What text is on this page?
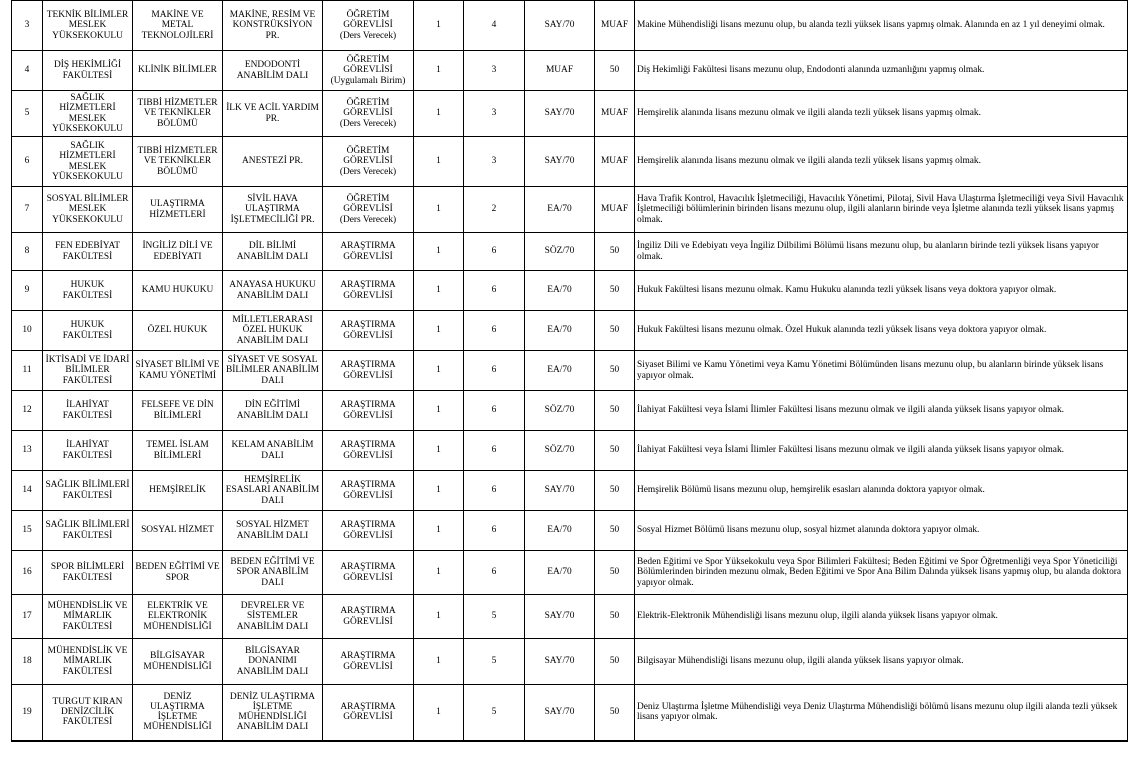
3	TEKNİK BİLİMLER MESLEK YÜKSEKOKULU	MAKİNE VE METAL TEKNOLOJİLERİ	MAKİNE, RESİM VE KONSTRÜKSİYON PR.	ÖĞRETİM GÖREVLİSİ
(Ders Verecek)	1	4	SAY/70	MUAF	Makine Mühendisliği lisans mezunu olup, bu alanda tezli yüksek lisans yapmış olmak. Alanında en az 1 yıl deneyimi olmak.
4	DİŞ HEKİMLİĞİ FAKÜLTESİ	KLİNİK BİLİMLER	ENDODONTİ ANABİLİM DALI	ÖĞRETİM GÖREVLİSİ
(Uygulamalı Birim)	1	3	MUAF	50	Diş Hekimliği Fakültesi lisans mezunu olup, Endodonti alanında uzmanlığını yapmış olmak.
5	SAĞLIK HİZMETLERİ MESLEK YÜKSEKOKULU	TIBBİ HİZMETLER VE TEKNİKLER BÖLÜMÜ	İLK VE ACİL YARDIM PR.	ÖĞRETİM GÖREVLİSİ
(Ders Verecek)	1	3	SAY/70	MUAF	Hemşirelik alanında lisans mezunu olmak ve ilgili alanda tezli yüksek lisans yapmış olmak.
6	SAĞLIK HİZMETLERİ MESLEK YÜKSEKOKULU	TIBBİ HİZMETLER VE TEKNİKLER BÖLÜMÜ	ANESTEZİ PR.	ÖĞRETİM GÖREVLİSİ
(Ders Verecek)	1	3	SAY/70	MUAF	Hemşirelik alanında lisans mezunu olmak ve ilgili alanda tezli yüksek lisans yapmış olmak.
7	SOSYAL BİLİMLER MESLEK YÜKSEKOKULU	ULAŞTIRMA HİZMETLERİ	SİVİL HAVA ULAŞTIRMA İŞLETMECİLİĞİ PR.	ÖĞRETİM GÖREVLİSİ
(Ders Verecek)	1	2	EA/70	MUAF	Hava Trafik Kontrol, Havacılık İşletmeciliği, Havacılık Yönetimi, Pilotaj, Sivil Hava Ulaştırma İşletmeciliği veya Sivil Havacılık İşletmeciliği bölümlerinin birinden lisans mezunu olup, ilgili alanların birinde veya İşletme alanında tezli yüksek lisans yapmış olmak.
8	FEN EDEBİYAT FAKÜLTESİ	İNGİLİZ DİLİ VE EDEBİYATI	DİL BİLİMİ ANABİLİM DALI	ARAŞTIRMA GÖREVLİSİ	1	6	SÖZ/70	50	İngiliz Dili ve Edebiyatı veya İngiliz Dilbilimi Bölümü lisans mezunu olup, bu alanların birinde tezli yüksek lisans yapıyor olmak.
9	HUKUK FAKÜLTESİ	KAMU HUKUKU	ANAYASA HUKUKU ANABİLİM DALI	ARAŞTIRMA GÖREVLİSİ	1	6	EA/70	50	Hukuk Fakültesi lisans mezunu olmak. Kamu Hukuku alanında tezli yüksek lisans veya doktora yapıyor olmak.
10	HUKUK FAKÜLTESİ	ÖZEL HUKUK	MİLLETLERARASI ÖZEL HUKUK ANABİLİM DALI	ARAŞTIRMA GÖREVLİSİ	1	6	EA/70	50	Hukuk Fakültesi lisans mezunu olmak. Özel Hukuk alanında tezli yüksek lisans veya doktora yapıyor olmak.
11	İKTİSADİ VE İDARİ BİLİMLER FAKÜLTESİ	SİYASET BİLİMİ VE KAMU YÖNETİMİ	SİYASET VE SOSYAL BİLİMLER ANABİLİM DALI	ARAŞTIRMA GÖREVLİSİ	1	6	EA/70	50	Siyaset Bilimi ve Kamu Yönetimi veya Kamu Yönetimi Bölümünden lisans mezunu olup, bu alanların birinde yüksek lisans yapıyor olmak.
12	İLAHİYAT FAKÜLTESİ	FELSEFE VE DİN BİLİMLERİ	DİN EĞİTİMİ ANABİLİM DALI	ARAŞTIRMA GÖREVLİSİ	1	6	SÖZ/70	50	İlahiyat Fakültesi veya İslami İlimler Fakültesi lisans mezunu olmak ve ilgili alanda yüksek lisans yapıyor olmak.
13	İLAHİYAT FAKÜLTESİ	TEMEL İSLAM BİLİMLERİ	KELAM ANABİLİM DALI	ARAŞTIRMA GÖREVLİSİ	1	6	SÖZ/70	50	İlahiyat Fakültesi veya İslami İlimler Fakültesi lisans mezunu olmak ve ilgili alanda yüksek lisans yapıyor olmak.
14	SAĞLIK BİLİMLERİ FAKÜLTESİ	HEMŞİRELİK	HEMŞİRELİK ESASLARI ANABİLİM DALI	ARAŞTIRMA GÖREVLİSİ	1	6	SAY/70	50	Hemşirelik Bölümü lisans mezunu olup, hemşirelik esasları alanında doktora yapıyor olmak.
15	SAĞLIK BİLİMLERİ FAKÜLTESİ	SOSYAL HİZMET	SOSYAL HİZMET ANABİLİM DALI	ARAŞTIRMA GÖREVLİSİ	1	6	EA/70	50	Sosyal Hizmet Bölümü lisans mezunu olup, sosyal hizmet alanında doktora yapıyor olmak.
16	SPOR BİLİMLERİ FAKÜLTESİ	BEDEN EĞİTİMİ VE SPOR	BEDEN EĞİTİMİ VE SPOR ANABİLİM DALI	ARAŞTIRMA GÖREVLİSİ	1	6	EA/70	50	Beden Eğitimi ve Spor Yüksekokulu veya Spor Bilimleri Fakültesi; Beden Eğitimi ve Spor Öğretmenliği veya Spor Yöneticiliği Bölümlerinden birinden mezunu olmak, Beden Eğitimi ve Spor Ana Bilim Dalında yüksek lisans yapmış olup, bu alanda doktora yapıyor olmak.
17	MÜHENDİSLİK VE MİMARLIK FAKÜLTESİ	ELEKTRİK VE ELEKTRONİK MÜHENDİSLİĞİ	DEVRELER VE SİSTEMLER ANABİLİM DALI	ARAŞTIRMA GÖREVLİSİ	1	5	SAY/70	50	Elektrik-Elektronik Mühendisliği lisans mezunu olup, ilgili alanda yüksek lisans yapıyor olmak.
18	MÜHENDİSLİK VE MİMARLIK FAKÜLTESİ	BİLGİSAYAR MÜHENDİSLİĞİ	BİLGİSAYAR DONANIMI ANABİLİM DALI	ARAŞTIRMA GÖREVLİSİ	1	5	SAY/70	50	Bilgisayar Mühendisliği lisans mezunu olup, ilgili alanda yüksek lisans yapıyor olmak.
19	TURGUT KIRAN DENİZCİLİK FAKÜLTESİ	DENİZ ULAŞTIRMA İŞLETME MÜHENDİSLİĞİ	DENİZ ULAŞTIRMA İŞLETME MÜHENDİSLİĞİ ANABİLİM DALI	ARAŞTIRMA GÖREVLİSİ	1	5	SAY/70	50	Deniz Ulaştırma İşletme Mühendisliği veya Deniz Ulaştırma Mühendisliği bölümü lisans mezunu olup ilgili alanda tezli yüksek lisans yapıyor olmak.
